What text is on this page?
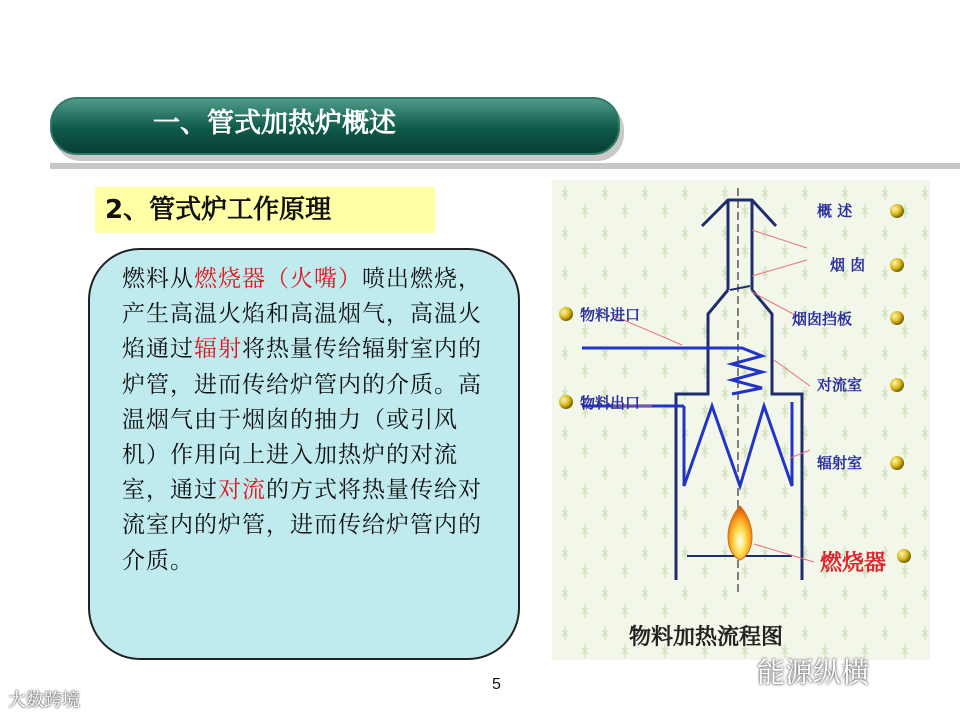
一、管式加热炉概述
2、管式炉工作原理
燃料从燃烧器（火嘴）喷出燃烧，产生高温火焰和高温烟气，高温火焰通过辐射将热量传给辐射室内的炉管，进而传给炉管内的介质。高温烟气由于烟囱的抽力（或引风机）作用向上进入加热炉的对流室，通过对流的方式将热量传给对流室内的炉管，进而传给炉管内的介质。
概 述
烟 囱
烟囱挡板
对流室
辐射室
物料进口
物料出口
燃烧器
物料加热流程图
5
大数跨境
能源纵横
